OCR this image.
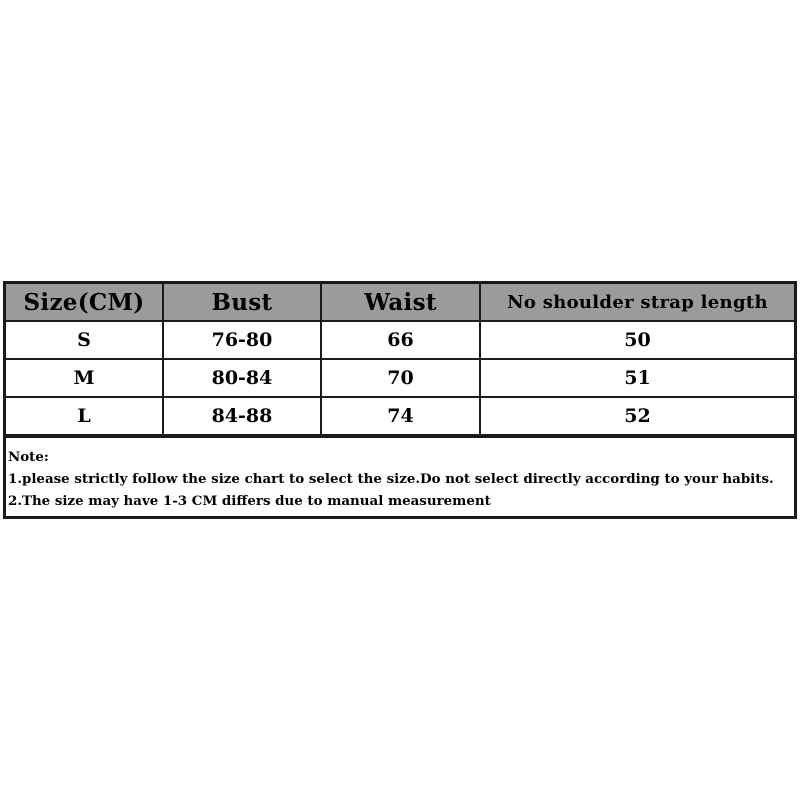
Size(CM)	Bust	Waist	No shoulder strap length
S	76-80	66	50
M	80-84	70	51
L	84-88	74	52
Note:
1.please strictly follow the size chart to select the size.Do not select directly according to your habits.
2.The size may have 1-3 CM differs due to manual measurement
